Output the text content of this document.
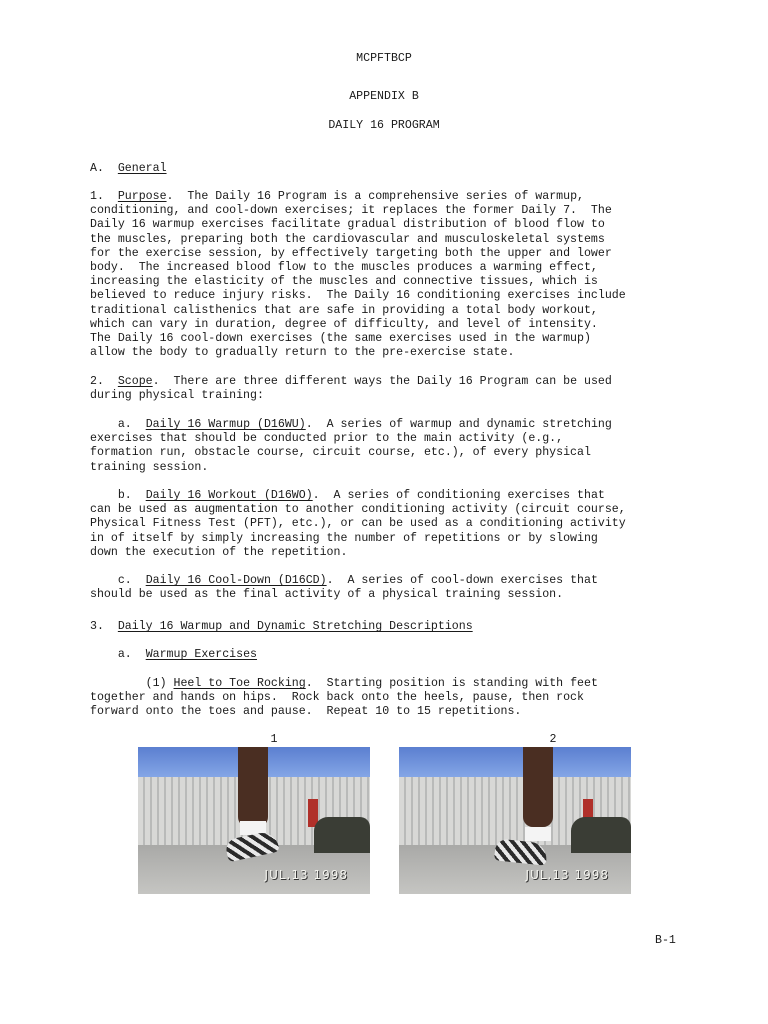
MCPFTBCP
APPENDIX B
DAILY 16 PROGRAM
A. General
1. Purpose.  The Daily 16 Program is a comprehensive series of warmup,
conditioning, and cool-down exercises; it replaces the former Daily 7.  The
Daily 16 warmup exercises facilitate gradual distribution of blood flow to
the muscles, preparing both the cardiovascular and musculoskeletal systems
for the exercise session, by effectively targeting both the upper and lower
body.  The increased blood flow to the muscles produces a warming effect,
increasing the elasticity of the muscles and connective tissues, which is
believed to reduce injury risks.  The Daily 16 conditioning exercises include
traditional calisthenics that are safe in providing a total body workout,
which can vary in duration, degree of difficulty, and level of intensity.
The Daily 16 cool-down exercises (the same exercises used in the warmup)
allow the body to gradually return to the pre-exercise state.
2. Scope.  There are three different ways the Daily 16 Program can be used
during physical training:
a. Daily 16 Warmup (D16WU).  A series of warmup and dynamic stretching
exercises that should be conducted prior to the main activity (e.g.,
formation run, obstacle course, circuit course, etc.), of every physical
training session.
b. Daily 16 Workout (D16WO).  A series of conditioning exercises that
can be used as augmentation to another conditioning activity (circuit course,
Physical Fitness Test (PFT), etc.), or can be used as a conditioning activity
in of itself by simply increasing the number of repetitions or by slowing
down the execution of the repetition.
c. Daily 16 Cool-Down (D16CD).  A series of cool-down exercises that
should be used as the final activity of a physical training session.
3. Daily 16 Warmup and Dynamic Stretching Descriptions
a. Warmup Exercises
(1) Heel to Toe Rocking.  Starting position is standing with feet
together and hands on hips.  Rock back onto the heels, pause, then rock
forward onto the toes and pause.  Repeat 10 to 15 repetitions.
1	2
JUL.13 1998	JUL.13 1998
B-1
